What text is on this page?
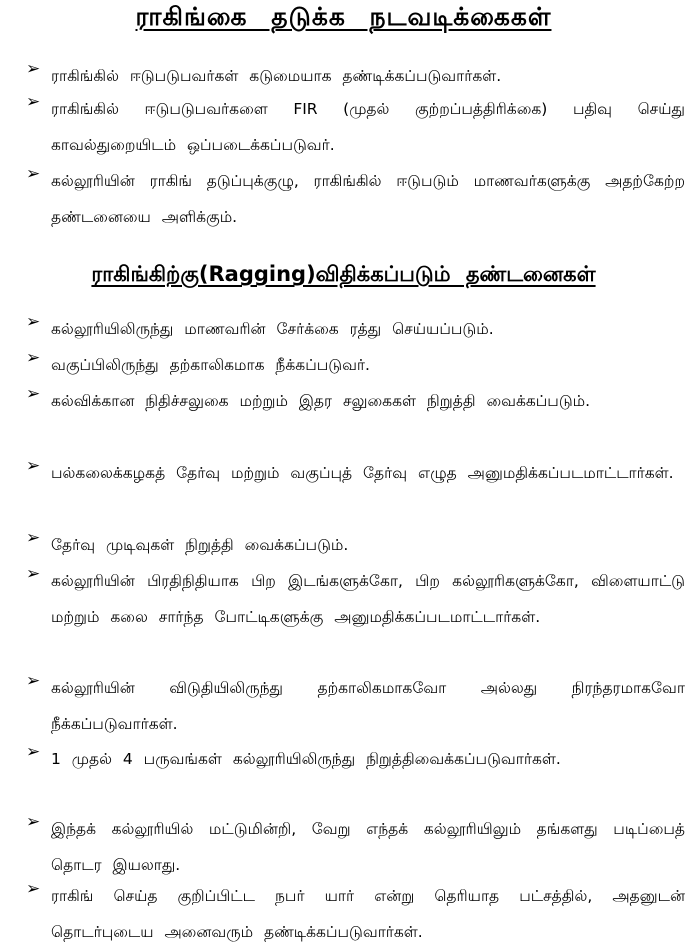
ராகிங்கை தடுக்க நடவடிக்கைகள்
➢ ராகிங்கில் ஈடுபடுபவர்கள் கடுமையாக தண்டிக்கப்படுவார்கள்.
➢ ராகிங்கில் ஈடுபடுபவர்களை FIR (முதல் குற்றப்பத்திரிக்கை) பதிவு செய்து காவல்துறையிடம் ஒப்படைக்கப்படுவர்.
➢ கல்லூரியின் ராகிங் தடுப்புக்குழு, ராகிங்கில் ஈடுபடும் மாணவர்களுக்கு அதற்கேற்ற தண்டனையை அளிக்கும்.
ராகிங்கிற்கு(Ragging)விதிக்கப்படும் தண்டனைகள்
➢ கல்லூரியிலிருந்து மாணவரின் சேர்க்கை ரத்து செய்யப்படும்.
➢ வகுப்பிலிருந்து தற்காலிகமாக நீக்கப்படுவர்.
➢ கல்விக்கான நிதிச்சலுகை மற்றும் இதர சலுகைகள் நிறுத்தி வைக்கப்படும்.
➢ பல்கலைக்கழகத் தேர்வு மற்றும் வகுப்புத் தேர்வு எழுத அனுமதிக்கப்படமாட்டார்கள்.
➢ தேர்வு முடிவுகள் நிறுத்தி வைக்கப்படும்.
➢ கல்லூரியின் பிரதிநிதியாக பிற இடங்களுக்கோ, பிற கல்லூரிகளுக்கோ, விளையாட்டு மற்றும் கலை சார்ந்த போட்டிகளுக்கு அனுமதிக்கப்படமாட்டார்கள்.
➢ கல்லூரியின் விடுதியிலிருந்து தற்காலிகமாகவோ அல்லது நிரந்தரமாகவோ நீக்கப்படுவார்கள்.
➢ 1 முதல் 4 பருவங்கள் கல்லூரியிலிருந்து நிறுத்திவைக்கப்படுவார்கள்.
➢ இந்தக் கல்லூரியில் மட்டுமின்றி, வேறு எந்தக் கல்லூரியிலும் தங்களது படிப்பைத் தொடர இயலாது.
➢ ராகிங் செய்த குறிப்பிட்ட நபர் யார் என்று தெரியாத பட்சத்தில், அதனுடன் தொடர்புடைய அனைவரும் தண்டிக்கப்படுவார்கள்.
